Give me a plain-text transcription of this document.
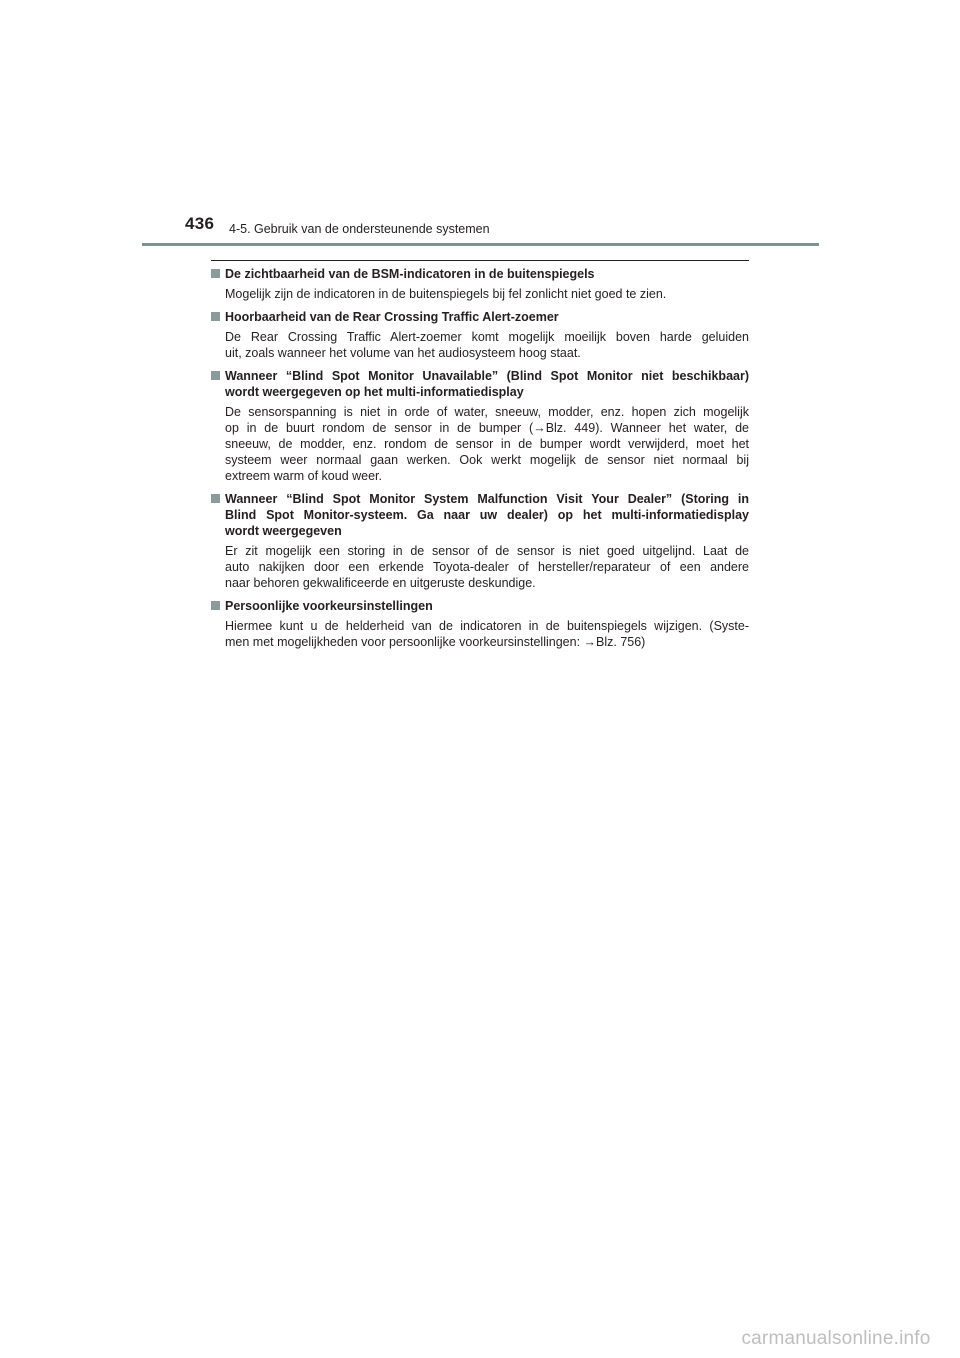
436 4-5. Gebruik van de ondersteunende systemen
De zichtbaarheid van de BSM-indicatoren in de buitenspiegels
Mogelijk zijn de indicatoren in de buitenspiegels bij fel zonlicht niet goed te zien.
Hoorbaarheid van de Rear Crossing Traffic Alert-zoemer
De Rear Crossing Traffic Alert-zoemer komt mogelijk moeilijk boven harde geluiden
uit, zoals wanneer het volume van het audiosysteem hoog staat.
Wanneer “Blind Spot Monitor Unavailable” (Blind Spot Monitor niet beschikbaar)
wordt weergegeven op het multi-informatiedisplay
De sensorspanning is niet in orde of water, sneeuw, modder, enz. hopen zich mogelijk
op in de buurt rondom de sensor in de bumper (→Blz. 449). Wanneer het water, de
sneeuw, de modder, enz. rondom de sensor in de bumper wordt verwijderd, moet het
systeem weer normaal gaan werken. Ook werkt mogelijk de sensor niet normaal bij
extreem warm of koud weer.
Wanneer “Blind Spot Monitor System Malfunction Visit Your Dealer” (Storing in
Blind Spot Monitor-systeem. Ga naar uw dealer) op het multi-informatiedisplay
wordt weergegeven
Er zit mogelijk een storing in de sensor of de sensor is niet goed uitgelijnd. Laat de
auto nakijken door een erkende Toyota-dealer of hersteller/reparateur of een andere
naar behoren gekwalificeerde en uitgeruste deskundige.
Persoonlijke voorkeursinstellingen
Hiermee kunt u de helderheid van de indicatoren in de buitenspiegels wijzigen. (Syste-
men met mogelijkheden voor persoonlijke voorkeursinstellingen: →Blz. 756)
carmanualsonline.info
